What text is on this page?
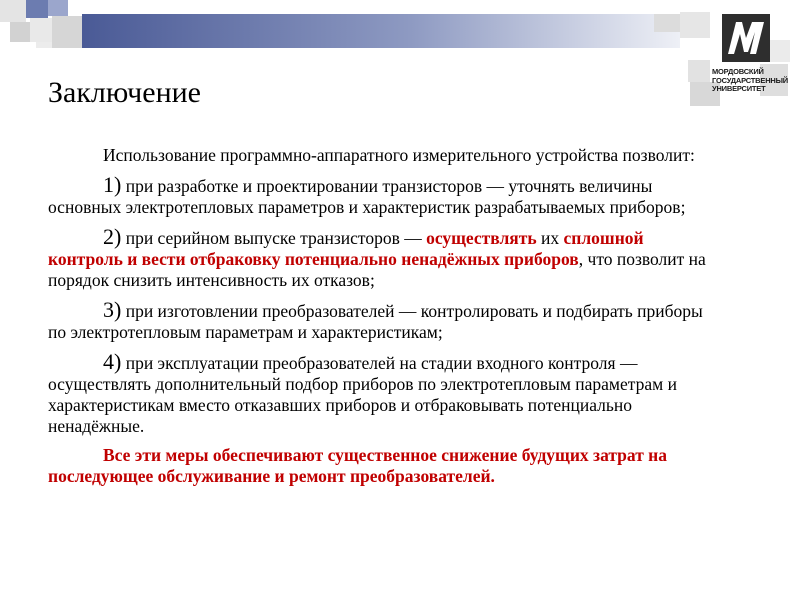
МОРДОВСКИЙ
ГОСУДАРСТВЕННЫЙ
УНИВЕРСИТЕТ
Заключение

Использование программно-аппаратного измерительного устройства позволит:

1) при разработке и проектировании транзисторов — уточнять величины основных электротепловых параметров и характеристик разрабатываемых приборов;

2) при серийном выпуске транзисторов — осуществлять их сплошной контроль и вести отбраковку потенциально ненадёжных приборов, что позволит на порядок снизить интенсивность их отказов;

3) при изготовлении преобразователей — контролировать и подбирать приборы по электротепловым параметрам и характеристикам;

4) при эксплуатации преобразователей на стадии входного контроля — осуществлять дополнительный подбор приборов по электротепловым параметрам и характеристикам вместо отказавших приборов и отбраковывать потенциально ненадёжные.

Все эти меры обеспечивают существенное снижение будущих затрат на последующее обслуживание и ремонт преобразователей.
